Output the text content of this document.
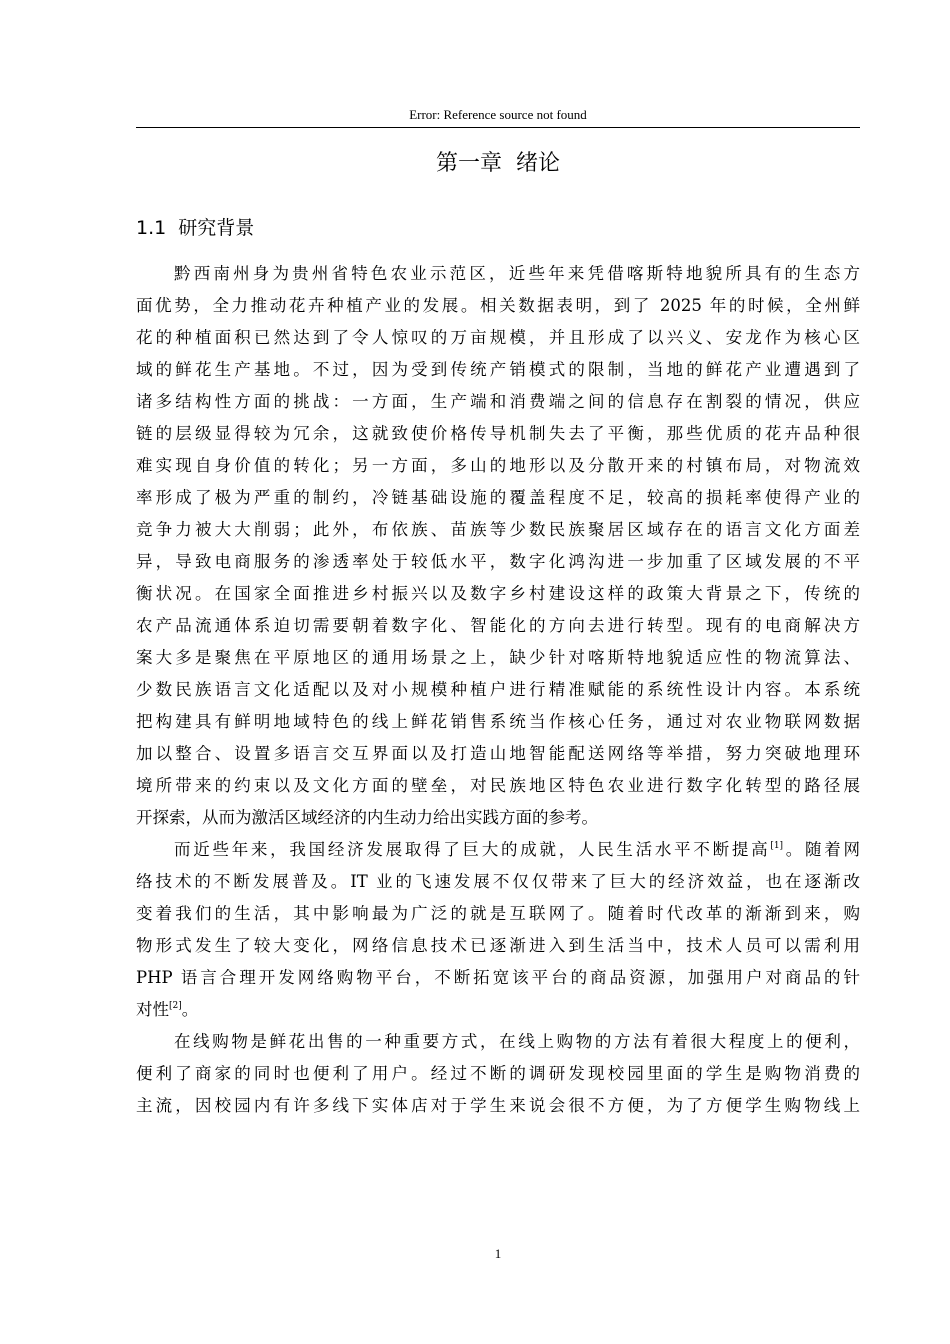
Error: Reference source not found
第一章  绪论
1.1  研究背景
黔西南州身为贵州省特色农业示范区，近些年来凭借喀斯特地貌所具有的生态方
面优势，全力推动花卉种植产业的发展。相关数据表明，到了 2025 年的时候，全州鲜
花的种植面积已然达到了令人惊叹的万亩规模，并且形成了以兴义、安龙作为核心区
域的鲜花生产基地。不过，因为受到传统产销模式的限制，当地的鲜花产业遭遇到了
诸多结构性方面的挑战：一方面，生产端和消费端之间的信息存在割裂的情况，供应
链的层级显得较为冗余，这就致使价格传导机制失去了平衡，那些优质的花卉品种很
难实现自身价值的转化；另一方面，多山的地形以及分散开来的村镇布局，对物流效
率形成了极为严重的制约，冷链基础设施的覆盖程度不足，较高的损耗率使得产业的
竞争力被大大削弱；此外，布依族、苗族等少数民族聚居区域存在的语言文化方面差
异，导致电商服务的渗透率处于较低水平，数字化鸿沟进一步加重了区域发展的不平
衡状况。在国家全面推进乡村振兴以及数字乡村建设这样的政策大背景之下，传统的
农产品流通体系迫切需要朝着数字化、智能化的方向去进行转型。现有的电商解决方
案大多是聚焦在平原地区的通用场景之上，缺少针对喀斯特地貌适应性的物流算法、
少数民族语言文化适配以及对小规模种植户进行精准赋能的系统性设计内容。本系统
把构建具有鲜明地域特色的线上鲜花销售系统当作核心任务，通过对农业物联网数据
加以整合、设置多语言交互界面以及打造山地智能配送网络等举措，努力突破地理环
境所带来的约束以及文化方面的壁垒，对民族地区特色农业进行数字化转型的路径展
开探索，从而为激活区域经济的内生动力给出实践方面的参考。
而近些年来，我国经济发展取得了巨大的成就，人民生活水平不断提高[1]。随着网
络技术的不断发展普及。IT 业的飞速发展不仅仅带来了巨大的经济效益，也在逐渐改
变着我们的生活，其中影响最为广泛的就是互联网了。随着时代改革的渐渐到来，购
物形式发生了较大变化，网络信息技术已逐渐进入到生活当中，技术人员可以需利用
PHP 语言合理开发网络购物平台，不断拓宽该平台的商品资源，加强用户对商品的针
对性[2]。
在线购物是鲜花出售的一种重要方式，在线上购物的方法有着很大程度上的便利，
便利了商家的同时也便利了用户。经过不断的调研发现校园里面的学生是购物消费的
主流，因校园内有许多线下实体店对于学生来说会很不方便，为了方便学生购物线上
1
